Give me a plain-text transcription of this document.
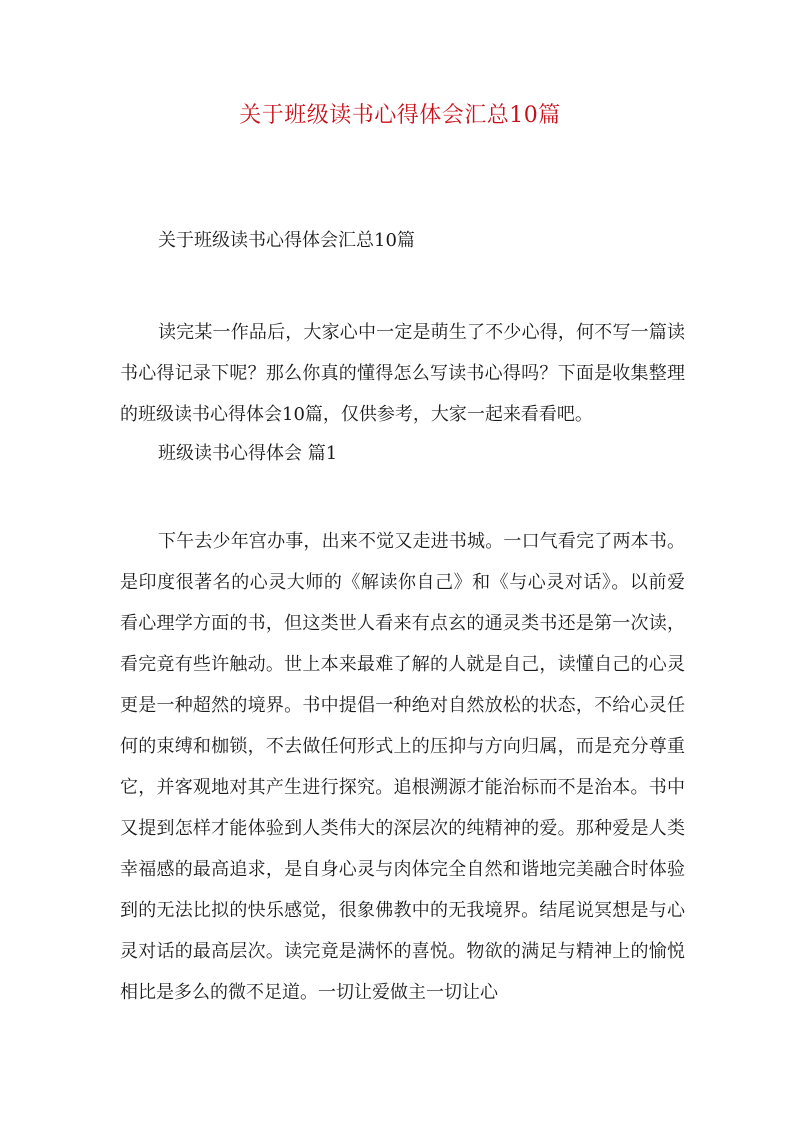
关于班级读书心得体会汇总10篇
关于班级读书心得体会汇总10篇

读完某一作品后，大家心中一定是萌生了不少心得，何不写一篇读书心得记录下呢？那么你真的懂得怎么写读书心得吗？下面是收集整理的班级读书心得体会10篇，仅供参考，大家一起来看看吧。

班级读书心得体会 篇1

下午去少年宫办事，出来不觉又走进书城。一口气看完了两本书。是印度很著名的心灵大师的《解读你自己》和《与心灵对话》。以前爱看心理学方面的书，但这类世人看来有点玄的通灵类书还是第一次读，看完竟有些许触动。世上本来最难了解的人就是自己，读懂自己的心灵更是一种超然的境界。书中提倡一种绝对自然放松的状态，不给心灵任何的束缚和枷锁，不去做任何形式上的压抑与方向归属，而是充分尊重它，并客观地对其产生进行探究。追根溯源才能治标而不是治本。书中又提到怎样才能体验到人类伟大的深层次的纯精神的爱。那种爱是人类幸福感的最高追求，是自身心灵与肉体完全自然和谐地完美融合时体验到的无法比拟的快乐感觉，很象佛教中的无我境界。结尾说冥想是与心灵对话的最高层次。读完竟是满怀的喜悦。物欲的满足与精神上的愉悦相比是多么的微不足道。一切让爱做主一切让心
